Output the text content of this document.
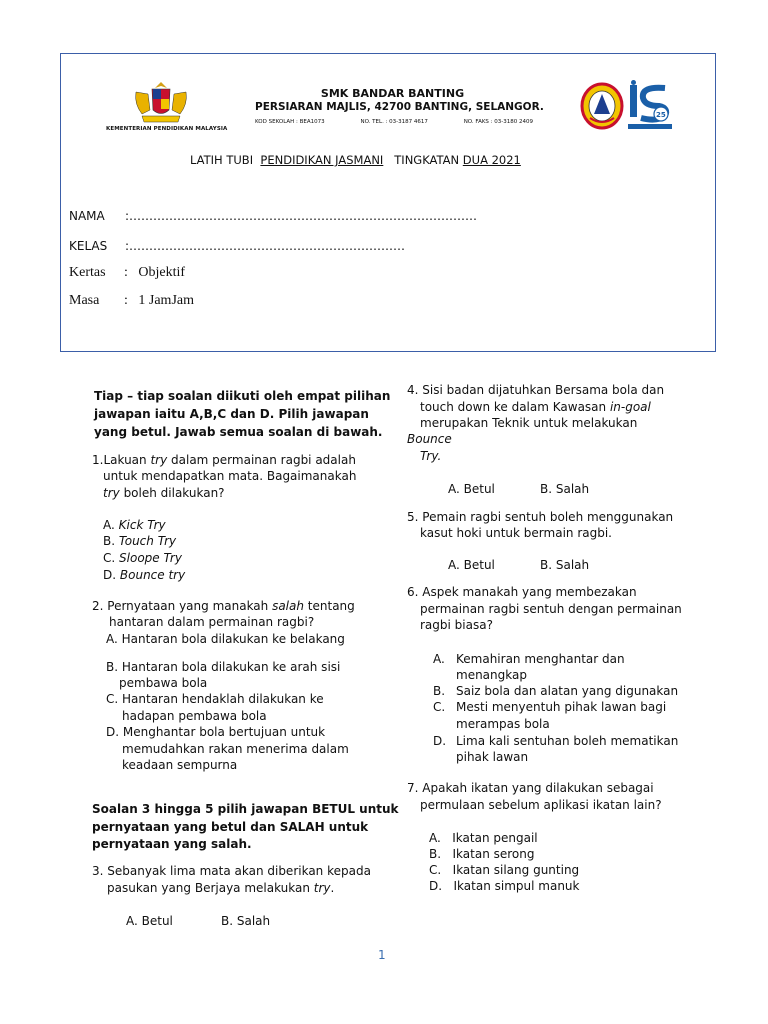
KEMENTERIAN PENDIDIKAN MALAYSIA
SMK BANDAR BANTING
PERSIARAN MAJLIS, 42700 BANTING, SELANGOR.
KOD SEKOLAH : BEA1073	NO. TEL. : 03-3187 4617	NO. FAKS : 03-3180 2409
25
LATIH TUBI PENDIDIKAN JASMANI TINGKATAN DUA 2021
NAMA :……………………………………………………………………………
KELAS :……………………………………………………………
Kertas :   Objektif
Masa :   1 JamJam
Tiap – tiap soalan diikuti oleh empat pilihan
jawapan iaitu A,B,C dan D. Pilih jawapan
yang betul. Jawab semua soalan di bawah.
1.Lakuan try dalam permainan ragbi adalah
untuk mendapatkan mata. Bagaimanakah
try boleh dilakukan?
A. Kick Try
B. Touch Try
C. Sloope Try
D. Bounce try
2. Pernyataan yang manakah salah tentang
hantaran dalam permainan ragbi?
A. Hantaran bola dilakukan ke belakang
B. Hantaran bola dilakukan ke arah sisi
pembawa bola
C. Hantaran hendaklah dilakukan ke
hadapan pembawa bola
D. Menghantar bola bertujuan untuk
memudahkan rakan menerima dalam
keadaan sempurna
Soalan 3 hingga 5 pilih jawapan BETUL untuk
pernyataan yang betul dan SALAH untuk
pernyataan yang salah.
3. Sebanyak lima mata akan diberikan kepada
pasukan yang Berjaya melakukan try.
A. Betul	B. Salah
4. Sisi badan dijatuhkan Bersama bola dan
touch down ke dalam Kawasan in-goal
merupakan Teknik untuk melakukan
Bounce
Try.
A. Betul	B. Salah
5. Pemain ragbi sentuh boleh menggunakan
kasut hoki untuk bermain ragbi.
A. Betul	B. Salah
6. Aspek manakah yang membezakan
permainan ragbi sentuh dengan permainan
ragbi biasa?
A. Kemahiran menghantar dan
menangkap
B. Saiz bola dan alatan yang digunakan
C. Mesti menyentuh pihak lawan bagi
merampas bola
D. Lima kali sentuhan boleh mematikan
pihak lawan
7. Apakah ikatan yang dilakukan sebagai
permulaan sebelum aplikasi ikatan lain?
A. Ikatan pengail
B. Ikatan serong
C. Ikatan silang gunting
D. Ikatan simpul manuk
1
